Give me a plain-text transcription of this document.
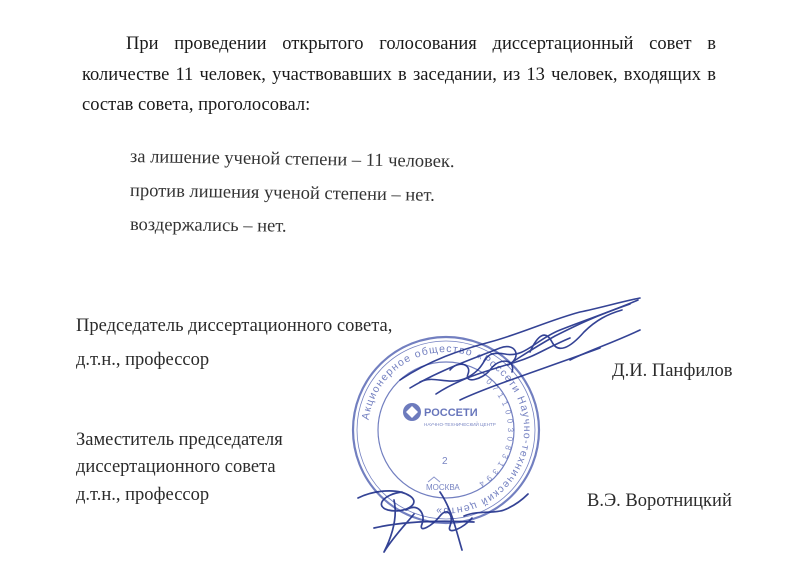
При проведении открытого голосования диссертационный совет в количестве 11 человек, участвовавших в заседании, из 13 человек, входящих в состав совета, проголосовал:

за лишение ученой степени – 11 человек.
против лишения ученой степени – нет.
воздержались – нет.
Председатель диссертационного совета,
д.т.н., профессор
Д.И. Панфилов
Заместитель председателя
диссертационного совета
д.т.н., профессор	В.Э. Воротницкий
Акционерное общество «Россети Научно-технический центр»
0 7 1 1 0 0 3 0 8 3 1 3 9 4
РОССЕТИ
НАУЧНО-ТЕХНИЧЕСКИЙ ЦЕНТР
2
МОСКВА
